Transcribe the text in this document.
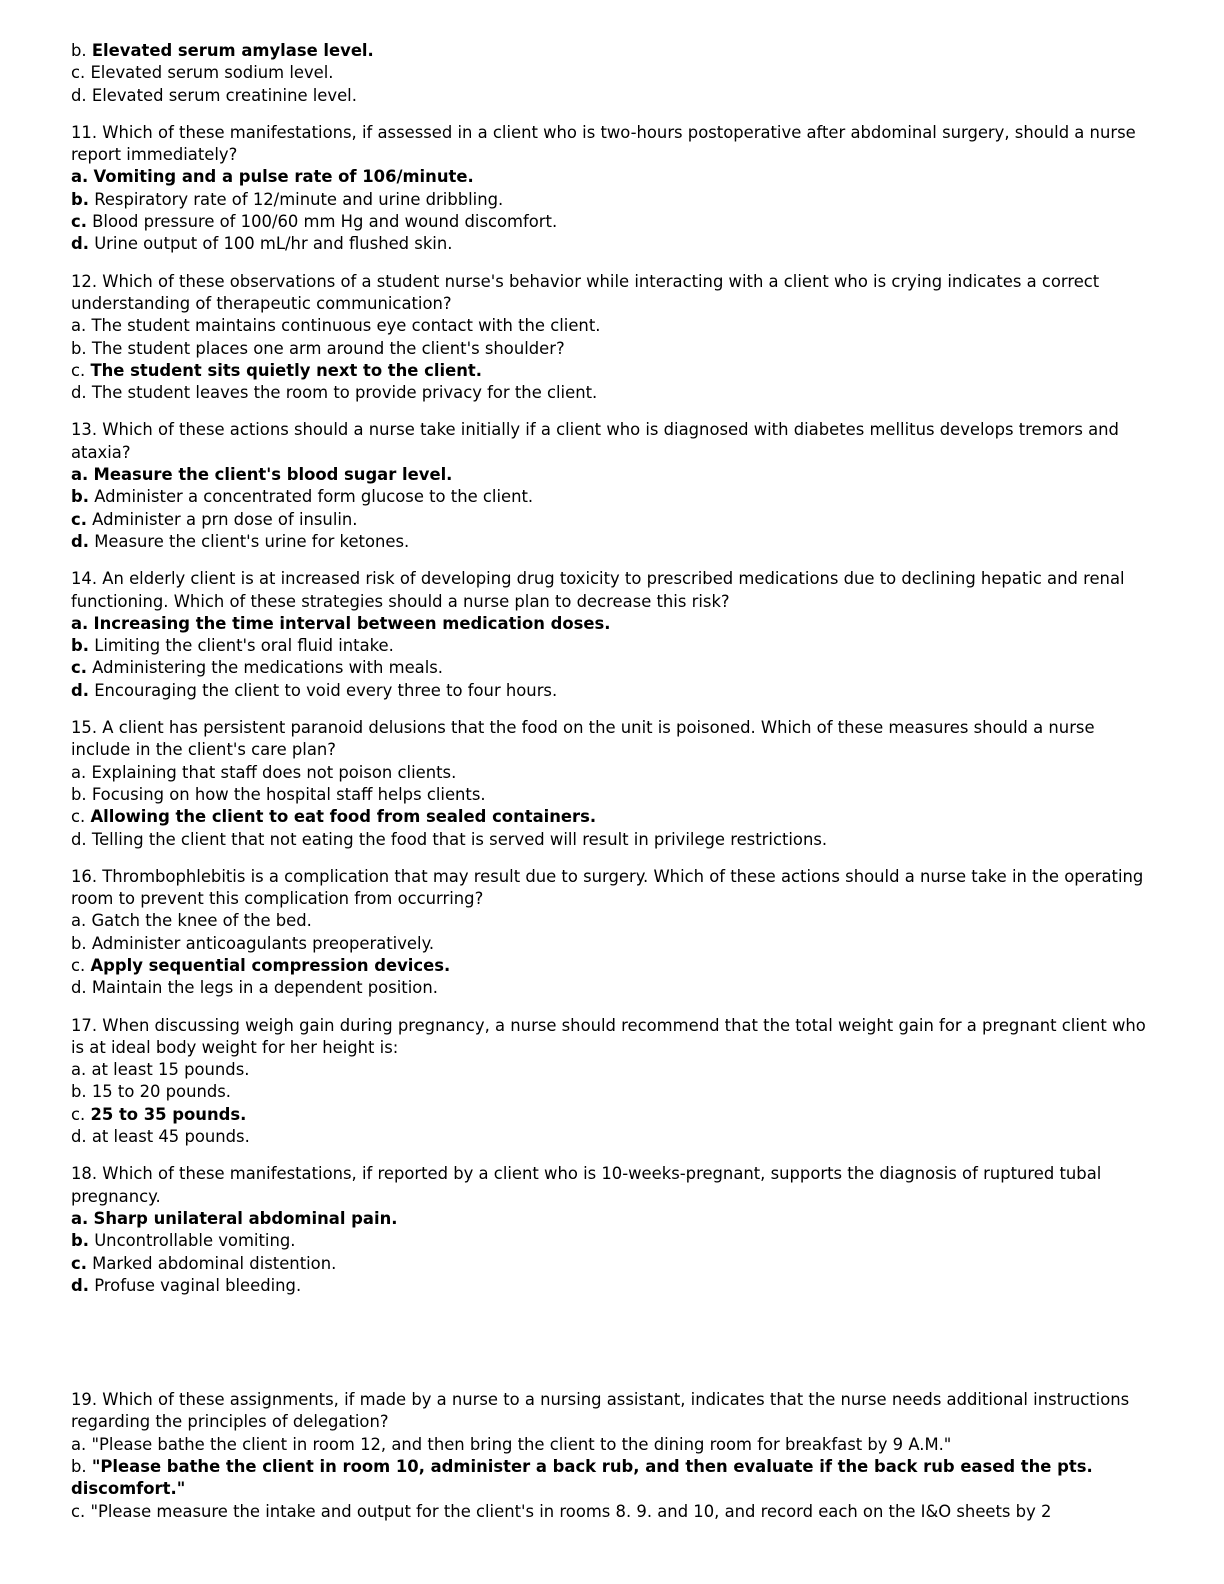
b. Elevated serum amylase level.
c. Elevated serum sodium level.
d. Elevated serum creatinine level.
11. Which of these manifestations, if assessed in a client who is two-hours postoperative after abdominal surgery, should a nurse report immediately?
a. Vomiting and a pulse rate of 106/minute.
b. Respiratory rate of 12/minute and urine dribbling.
c. Blood pressure of 100/60 mm Hg and wound discomfort.
d. Urine output of 100 mL/hr and flushed skin.
12. Which of these observations of a student nurse's behavior while interacting with a client who is crying indicates a correct understanding of therapeutic communication?
a. The student maintains continuous eye contact with the client.
b. The student places one arm around the client's shoulder?
c. The student sits quietly next to the client.
d. The student leaves the room to provide privacy for the client.
13. Which of these actions should a nurse take initially if a client who is diagnosed with diabetes mellitus develops tremors and ataxia?
a. Measure the client's blood sugar level.
b. Administer a concentrated form glucose to the client.
c. Administer a prn dose of insulin.
d. Measure the client's urine for ketones.
14. An elderly client is at increased risk of developing drug toxicity to prescribed medications due to declining hepatic and renal functioning. Which of these strategies should a nurse plan to decrease this risk?
a. Increasing the time interval between medication doses.
b. Limiting the client's oral fluid intake.
c. Administering the medications with meals.
d. Encouraging the client to void every three to four hours.
15. A client has persistent paranoid delusions that the food on the unit is poisoned. Which of these measures should a nurse include in the client's care plan?
a. Explaining that staff does not poison clients.
b. Focusing on how the hospital staff helps clients.
c. Allowing the client to eat food from sealed containers.
d. Telling the client that not eating the food that is served will result in privilege restrictions.
16. Thrombophlebitis is a complication that may result due to surgery. Which of these actions should a nurse take in the operating room to prevent this complication from occurring?
a. Gatch the knee of the bed.
b. Administer anticoagulants preoperatively.
c. Apply sequential compression devices.
d. Maintain the legs in a dependent position.
17. When discussing weigh gain during pregnancy, a nurse should recommend that the total weight gain for a pregnant client who is at ideal body weight for her height is:
a. at least 15 pounds.
b. 15 to 20 pounds.
c. 25 to 35 pounds.
d. at least 45 pounds.
18. Which of these manifestations, if reported by a client who is 10-weeks-pregnant, supports the diagnosis of ruptured tubal pregnancy.
a. Sharp unilateral abdominal pain.
b. Uncontrollable vomiting.
c. Marked abdominal distention.
d. Profuse vaginal bleeding.
19. Which of these assignments, if made by a nurse to a nursing assistant, indicates that the nurse needs additional instructions regarding the principles of delegation?
a. "Please bathe the client in room 12, and then bring the client to the dining room for breakfast by 9 A.M."
b. "Please bathe the client in room 10, administer a back rub, and then evaluate if the back rub eased the pts. discomfort."
c. "Please measure the intake and output for the client's in rooms 8. 9. and 10, and record each on the I&O sheets by 2
